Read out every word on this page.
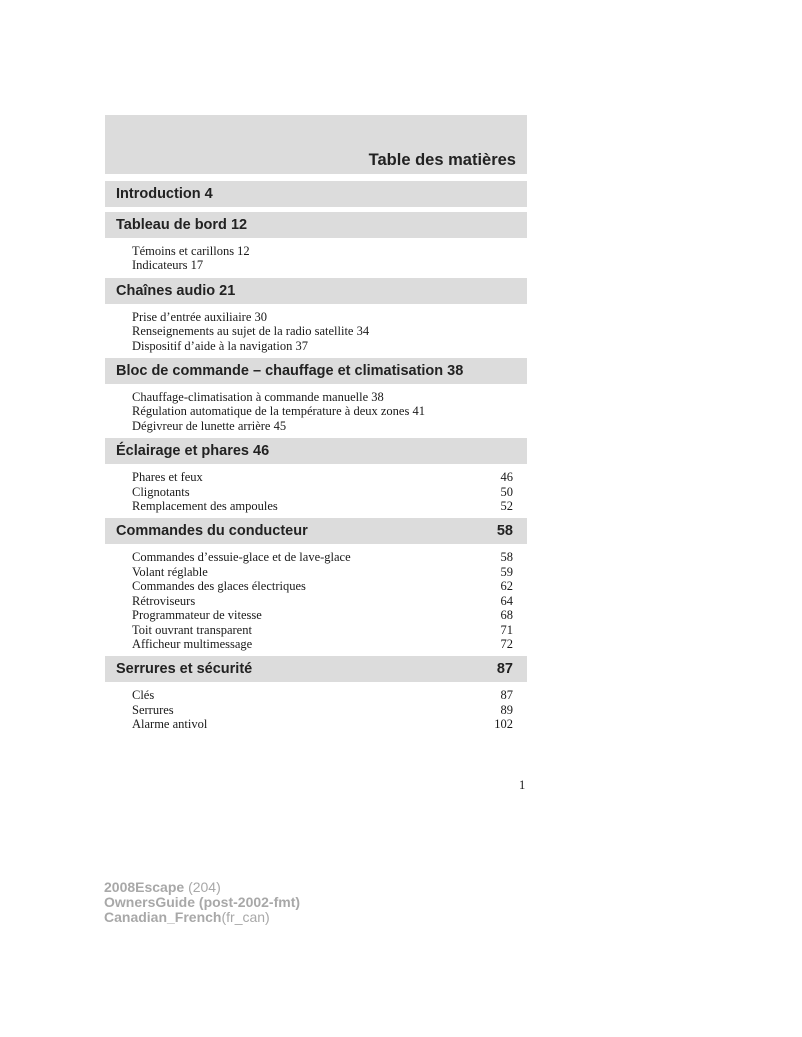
Table des matières
Introduction 4
Tableau de bord 12
Témoins et carillons 12
Indicateurs 17
Chaînes audio 21
Prise d’entrée auxiliaire 30
Renseignements au sujet de la radio satellite 34
Dispositif d’aide à la navigation 37
Bloc de commande – chauffage et climatisation 38
Chauffage-climatisation à commande manuelle 38
Régulation automatique de la température à deux zones 41
Dégivreur de lunette arrière 45
Éclairage et phares 46
Phares et feux	46
Clignotants	50
Remplacement des ampoules	52
Commandes du conducteur	58
Commandes d’essuie-glace et de lave-glace	58
Volant réglable	59
Commandes des glaces électriques	62
Rétroviseurs	64
Programmateur de vitesse	68
Toit ouvrant transparent	71
Afficheur multimessage	72
Serrures et sécurité	87
Clés	87
Serrures	89
Alarme antivol	102
1
2008Escape (204)
OwnersGuide (post-2002-fmt)
Canadian_French(fr_can)
